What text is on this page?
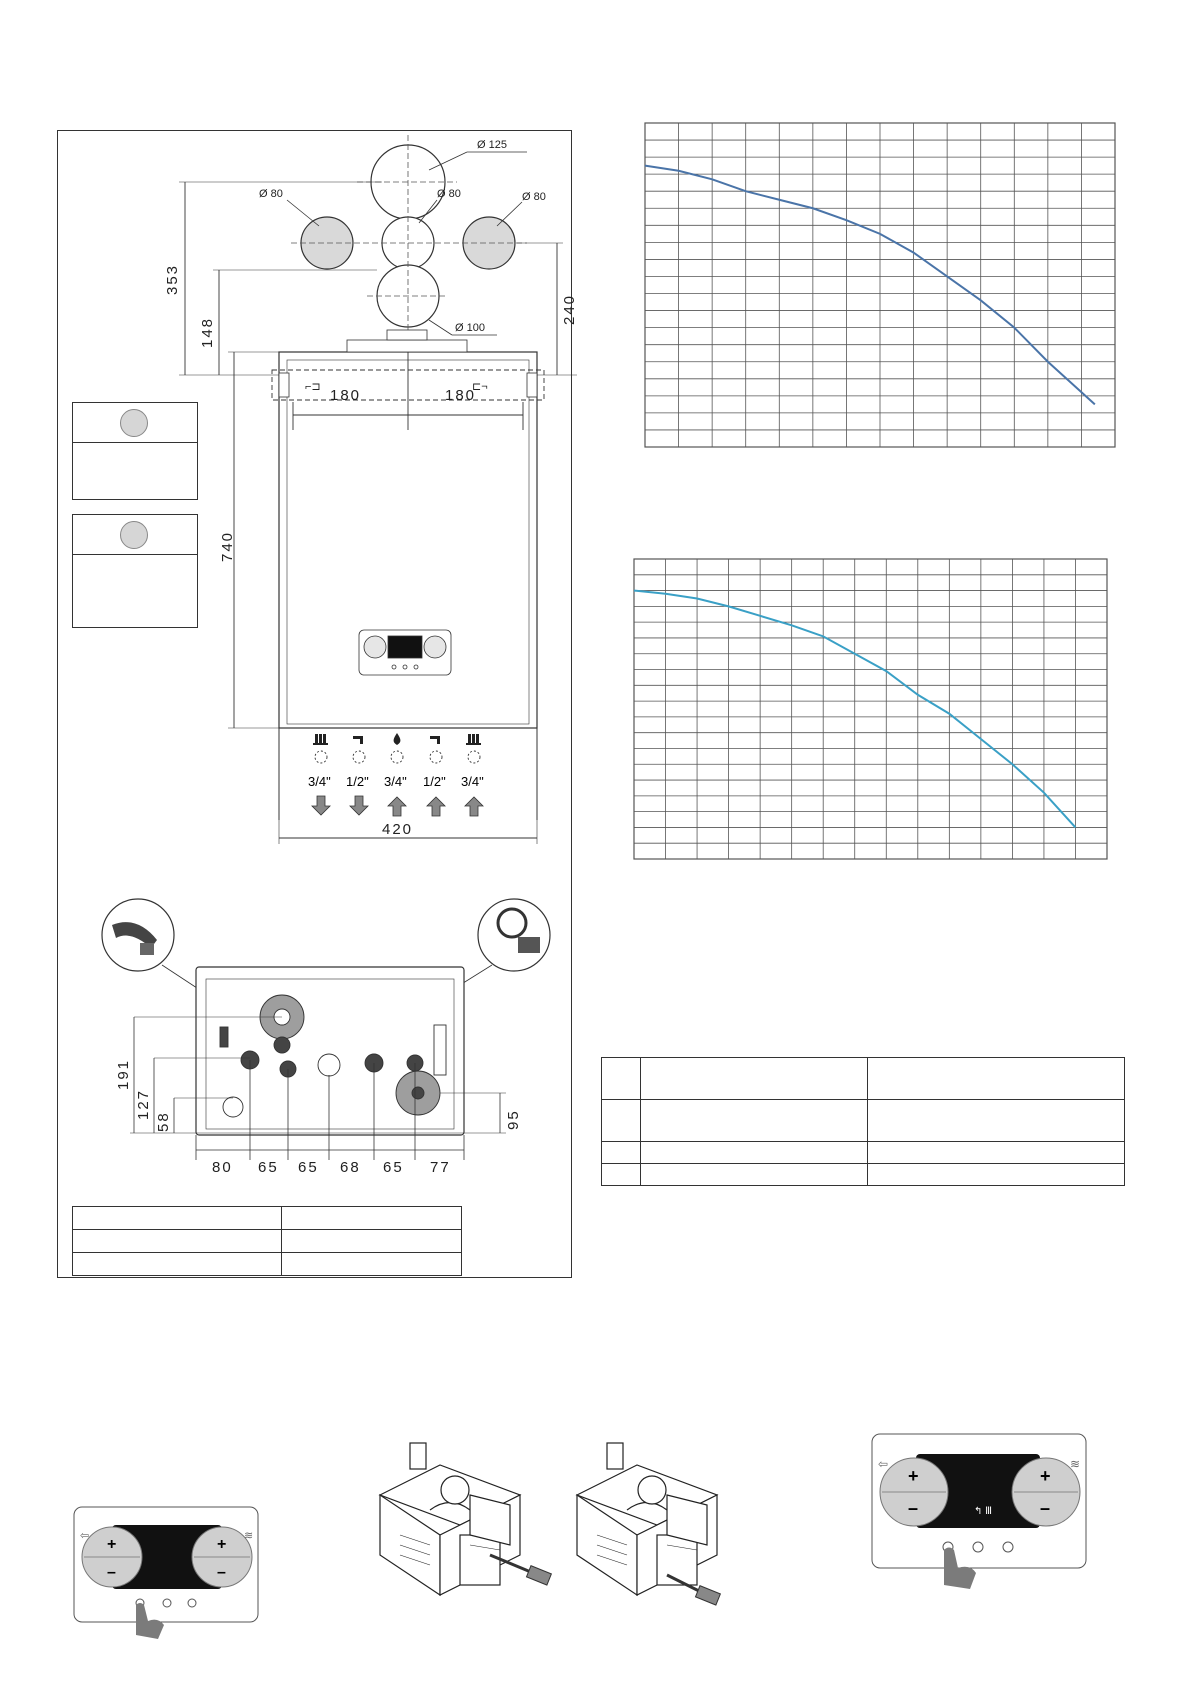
Ø 125
Ø 80	Ø 80	Ø 80
Ø 100
353
148
240
⌐⊐	⊏¬
180	180
740
3/4" 1/2" 3/4" 1/2" 3/4"
420
191
127
58	95
80 65 65 68 65 77

+
–
+
–
⇦	≋
+
–
+
–
↰ Ⅲ
⇦	≋
